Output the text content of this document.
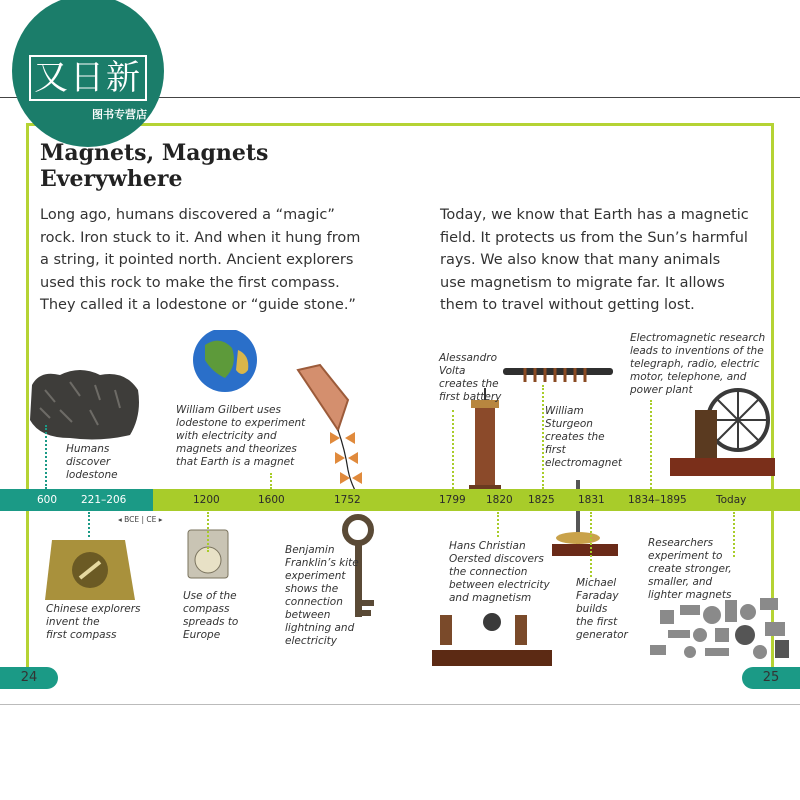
又日新
图书专营店
Magnets, Magnets Everywhere
Long ago, humans discovered a “magic”
rock. Iron stuck to it. And when it hung from
a string, it pointed north. Ancient explorers
used this rock to make the first compass.
They called it a lodestone or “guide stone.”
Today, we know that Earth has a magnetic
field. It protects us from the Sun’s harmful
rays. We also know that many animals
use magnetism to migrate far. It allows
them to travel without getting lost.
600 221–206	1200	1600	1752	1799 1820 1825 1831 1834–1895	Today
◂ BCE | CE ▸
Humans
discover
lodestone
William Gilbert uses
lodestone to experiment
with electricity and
magnets and theorizes
that Earth is a magnet
Alessandro
Volta
creates the
first battery
William
Sturgeon
creates the
first
electromagnet
Electromagnetic research
leads to inventions of the
telegraph, radio, electric
motor, telephone, and
power plant
Chinese explorers
invent the
first compass
Use of the
compass
spreads to
Europe
Benjamin
Franklin’s kite
experiment
shows the
connection
between
lightning and
electricity
Hans Christian
Oersted discovers
the connection
between electricity
and magnetism
Michael
Faraday
builds
the first
generator
Researchers
experiment to
create stronger,
smaller, and
lighter magnets
24	25
